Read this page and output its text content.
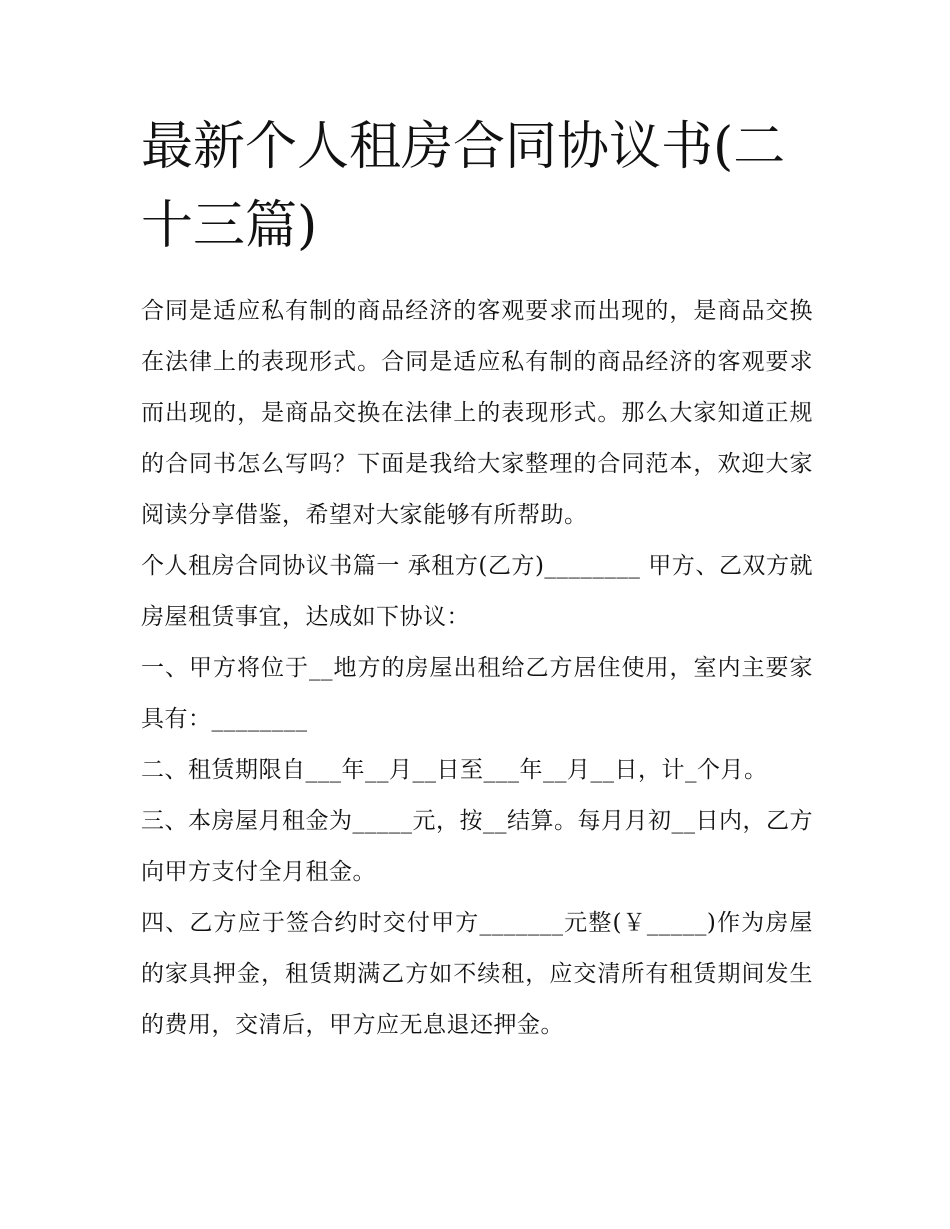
最新个人租房合同协议书(二十三篇)

合同是适应私有制的商品经济的客观要求而出现的，是商品交换在法律上的表现形式。合同是适应私有制的商品经济的客观要求而出现的，是商品交换在法律上的表现形式。那么大家知道正规的合同书怎么写吗？下面是我给大家整理的合同范本，欢迎大家阅读分享借鉴，希望对大家能够有所帮助。

个人租房合同协议书篇一 承租方(乙方)________ 甲方、乙双方就房屋租赁事宜，达成如下协议：

一、甲方将位于__地方的房屋出租给乙方居住使用，室内主要家具有：________

二、租赁期限自___年__月__日至___年__月__日，计_个月。

三、本房屋月租金为_____元，按__结算。每月月初__日内，乙方向甲方支付全月租金。

四、乙方应于签合约时交付甲方_______元整(￥_____)作为房屋的家具押金，租赁期满乙方如不续租，应交清所有租赁期间发生的费用，交清后，甲方应无息退还押金。
